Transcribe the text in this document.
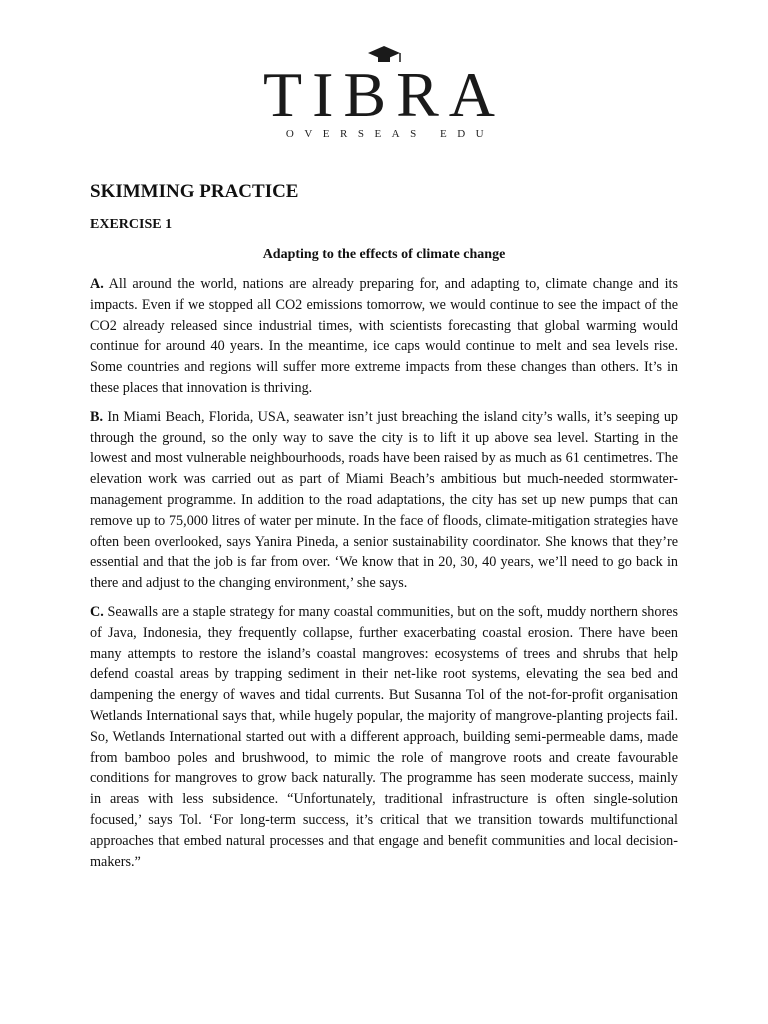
TIBRA
OVERSEAS EDU
SKIMMING PRACTICE
EXERCISE 1
Adapting to the effects of climate change

A. All around the world, nations are already preparing for, and adapting to, climate change and its impacts. Even if we stopped all CO2 emissions tomorrow, we would continue to see the impact of the CO2 already released since industrial times, with scientists forecasting that global warming would continue for around 40 years. In the meantime, ice caps would continue to melt and sea levels rise. Some countries and regions will suffer more extreme impacts from these changes than others. It’s in these places that innovation is thriving.

B. In Miami Beach, Florida, USA, seawater isn’t just breaching the island city’s walls, it’s seeping up through the ground, so the only way to save the city is to lift it up above sea level. Starting in the lowest and most vulnerable neighbourhoods, roads have been raised by as much as 61 centimetres. The elevation work was carried out as part of Miami Beach’s ambitious but much-needed stormwater-management programme. In addition to the road adaptations, the city has set up new pumps that can remove up to 75,000 litres of water per minute. In the face of floods, climate-mitigation strategies have often been overlooked, says Yanira Pineda, a senior sustainability coordinator. She knows that they’re essential and that the job is far from over. ‘We know that in 20, 30, 40 years, we’ll need to go back in there and adjust to the changing environment,’ she says.

C. Seawalls are a staple strategy for many coastal communities, but on the soft, muddy northern shores of Java, Indonesia, they frequently collapse, further exacerbating coastal erosion. There have been many attempts to restore the island’s coastal mangroves: ecosystems of trees and shrubs that help defend coastal areas by trapping sediment in their net-like root systems, elevating the sea bed and dampening the energy of waves and tidal currents. But Susanna Tol of the not-for-profit organisation Wetlands International says that, while hugely popular, the majority of mangrove-planting projects fail. So, Wetlands International started out with a different approach, building semi-permeable dams, made from bamboo poles and brushwood, to mimic the role of mangrove roots and create favourable conditions for mangroves to grow back naturally. The programme has seen moderate success, mainly in areas with less subsidence. “Unfortunately, traditional infrastructure is often single-solution focused,’ says Tol. ‘For long-term success, it’s critical that we transition towards multifunctional approaches that embed natural processes and that engage and benefit communities and local decision-makers.”
